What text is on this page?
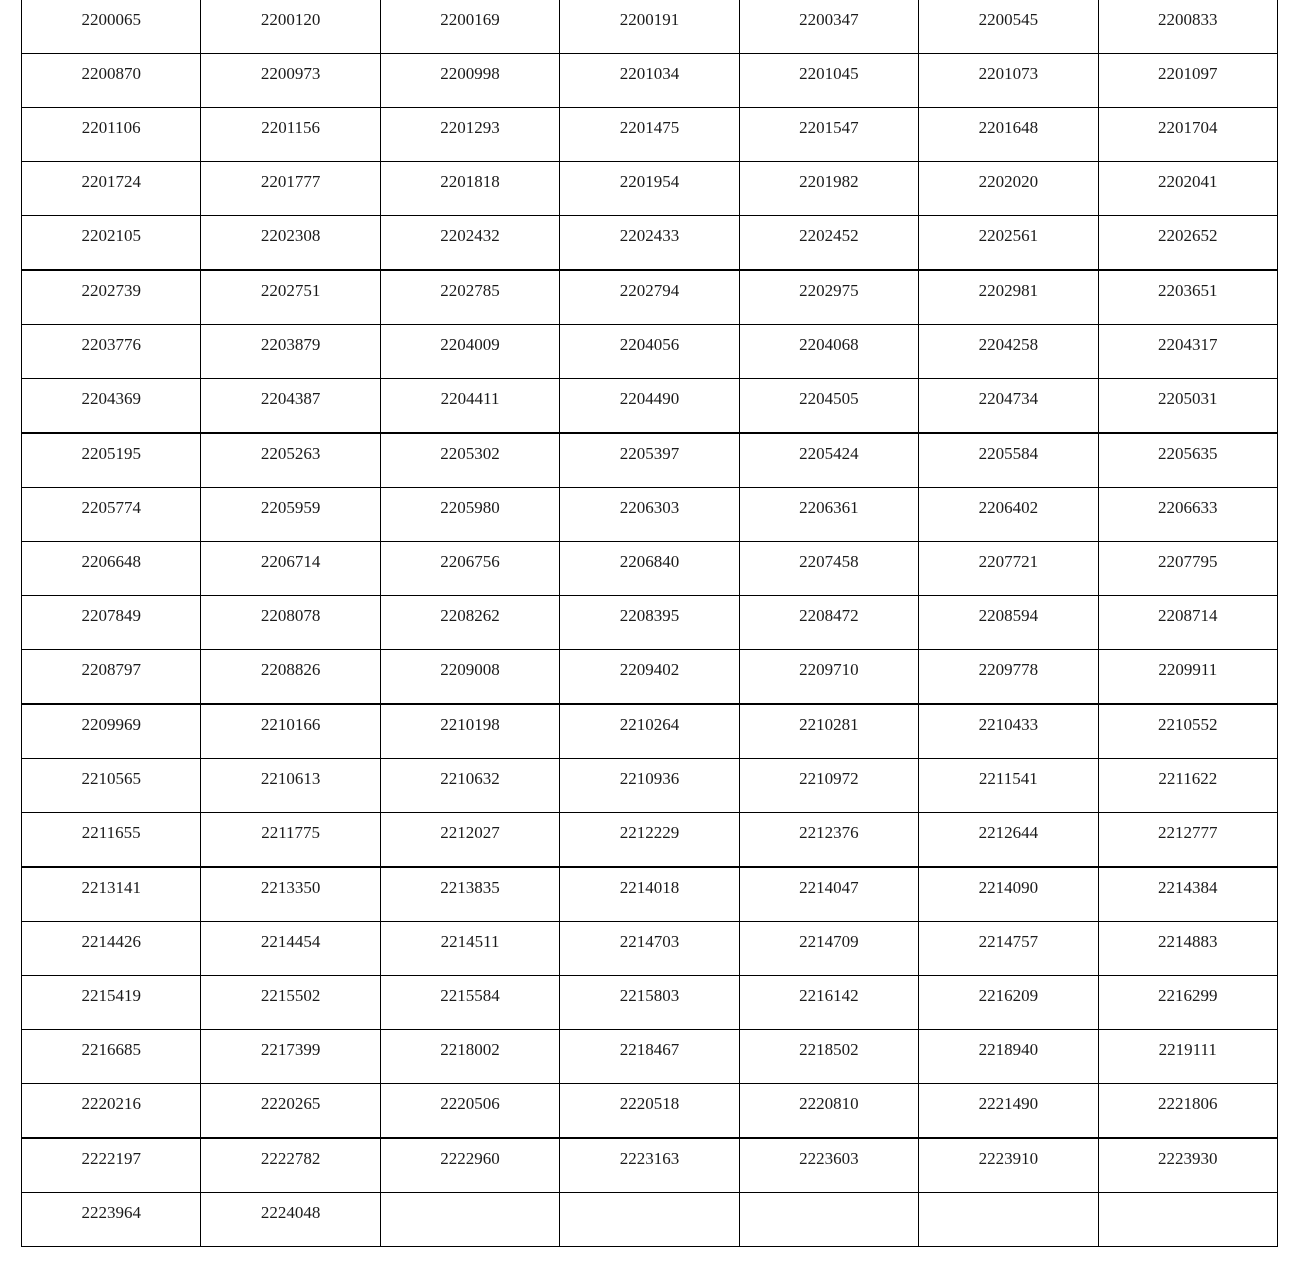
2200065	2200120	2200169	2200191	2200347	2200545	2200833
2200870	2200973	2200998	2201034	2201045	2201073	2201097
2201106	2201156	2201293	2201475	2201547	2201648	2201704
2201724	2201777	2201818	2201954	2201982	2202020	2202041
2202105	2202308	2202432	2202433	2202452	2202561	2202652
2202739	2202751	2202785	2202794	2202975	2202981	2203651
2203776	2203879	2204009	2204056	2204068	2204258	2204317
2204369	2204387	2204411	2204490	2204505	2204734	2205031
2205195	2205263	2205302	2205397	2205424	2205584	2205635
2205774	2205959	2205980	2206303	2206361	2206402	2206633
2206648	2206714	2206756	2206840	2207458	2207721	2207795
2207849	2208078	2208262	2208395	2208472	2208594	2208714
2208797	2208826	2209008	2209402	2209710	2209778	2209911
2209969	2210166	2210198	2210264	2210281	2210433	2210552
2210565	2210613	2210632	2210936	2210972	2211541	2211622
2211655	2211775	2212027	2212229	2212376	2212644	2212777
2213141	2213350	2213835	2214018	2214047	2214090	2214384
2214426	2214454	2214511	2214703	2214709	2214757	2214883
2215419	2215502	2215584	2215803	2216142	2216209	2216299
2216685	2217399	2218002	2218467	2218502	2218940	2219111
2220216	2220265	2220506	2220518	2220810	2221490	2221806
2222197	2222782	2222960	2223163	2223603	2223910	2223930
2223964	2224048					
